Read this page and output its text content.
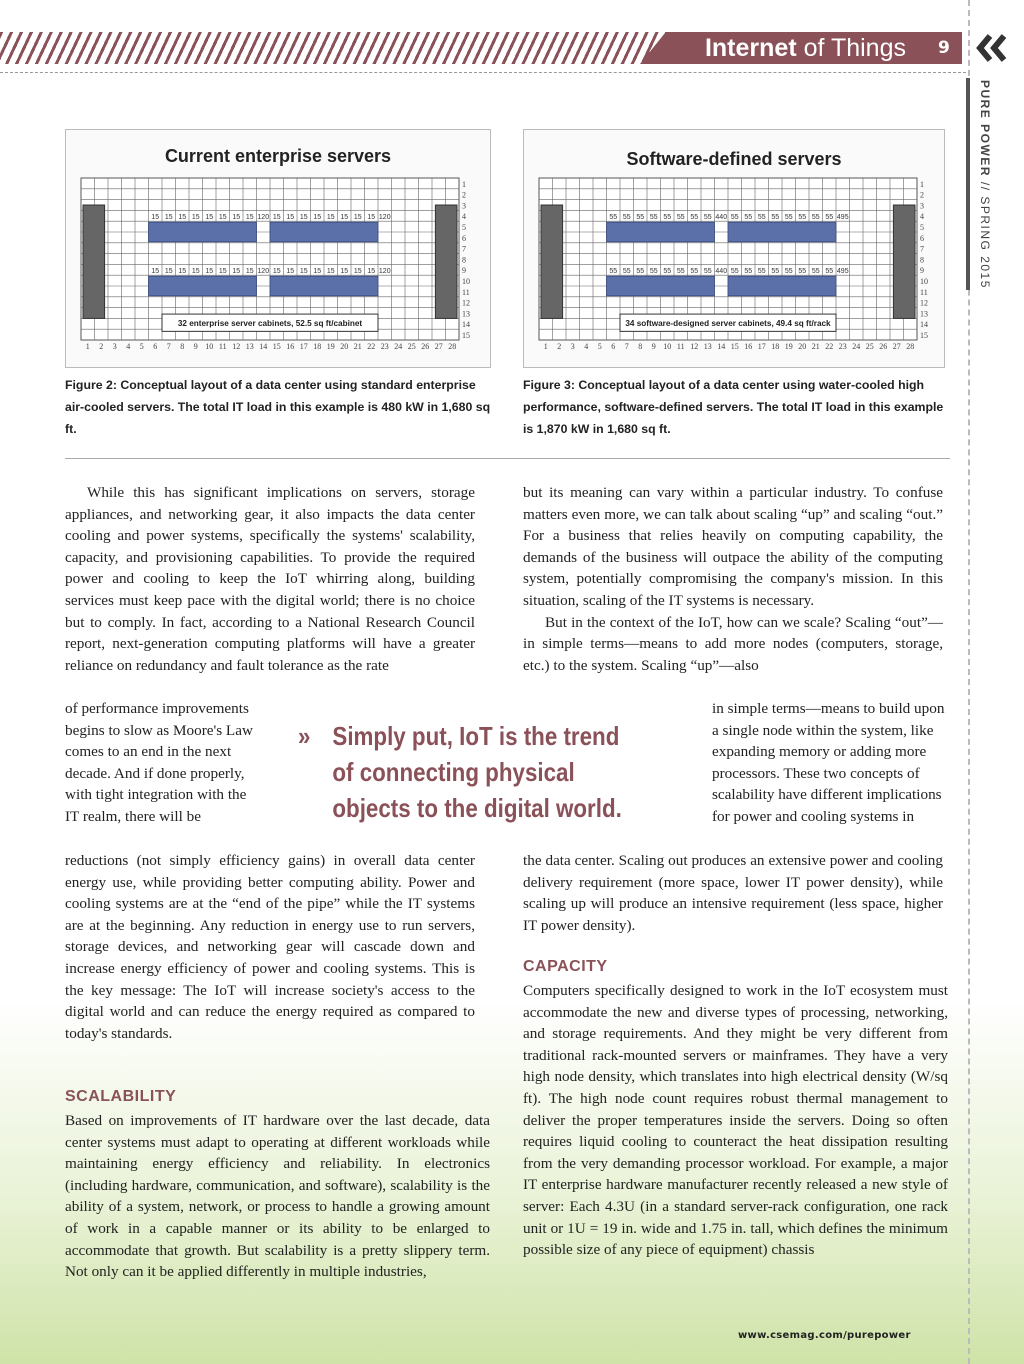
Internet of Things 9
PURE POWER // SPRING 2015
Current enterprise servers
15 15 15 15 15 15 15 15 120 15 15 15 15 15 15 15 15 120
15 15 15 15 15 15 15 15 120 15 15 15 15 15 15 15 15 120
32 enterprise server cabinets, 52.5 sq ft/cabinet
1 2 3 4 5 6 7 8 9 10 11 12 13 14 15 16 17 18 19 20 21 22 23 24 25 26 27 28
1
2
3
4
5
6
7
8
9
10
11
12
13
14
15
Figure 2: Conceptual layout of a data center using standard enterprise air-cooled servers. The total IT load in this example is 480 kW in 1,680 sq ft.
Software-defined servers
55 55 55 55 55 55 55 55 440 55 55 55 55 55 55 55 55 495
55 55 55 55 55 55 55 55 440 55 55 55 55 55 55 55 55 495
34 software-designed server cabinets, 49.4 sq ft/rack
1 2 3 4 5 6 7 8 9 10 11 12 13 14 15 16 17 18 19 20 21 22 23 24 25 26 27 28
1
2
3
4
5
6
7
8
9
10
11
12
13
14
15
Figure 3: Conceptual layout of a data center using water-cooled high performance, software-defined servers. The total IT load in this example is 1,870 kW in 1,680 sq ft.

While this has significant implications on servers, storage appliances, and networking gear, it also impacts the data center cooling and power systems, specifically the systems' scalability, capacity, and provisioning capabilities. To provide the required power and cooling to keep the IoT whirring along, building services must keep pace with the digital world; there is no choice but to comply. In fact, according to a National Research Council report, next-generation computing platforms will have a greater reliance on redundancy and fault tolerance as the rate

of performance improvements begins to slow as Moore's Law comes to an end in the next decade. And if done properly, with tight integration with the IT realm, there will be

reductions (not simply efficiency gains) in overall data center energy use, while providing better computing ability. Power and cooling systems are at the “end of the pipe” while the IT systems are at the beginning. Any reduction in energy use to run servers, storage devices, and networking gear will cascade down and increase energy efficiency of power and cooling systems. This is the key message: The IoT will increase society's access to the digital world and can reduce the energy required as compared to today's standards.

SCALABILITY

Based on improvements of IT hardware over the last decade, data center systems must adapt to operating at different workloads while maintaining energy efficiency and reliability. In electronics (including hardware, communication, and software), scalability is the ability of a system, network, or process to handle a growing amount of work in a capable manner or its ability to be enlarged to accommodate that growth. But scalability is a pretty slippery term. Not only can it be applied differently in multiple industries,

» Simply put, IoT is the trend of connecting physical objects to the digital world.

but its meaning can vary within a particular industry. To confuse matters even more, we can talk about scaling “up” and scaling “out.” For a business that relies heavily on computing capability, the demands of the business will outpace the ability of the computing system, potentially compromising the company's mission. In this situation, scaling of the IT systems is necessary.

But in the context of the IoT, how can we scale? Scaling “out”—in simple terms—means to add more nodes (computers, storage, etc.) to the system. Scaling “up”—also

in simple terms—means to build upon a single node within the system, like expanding memory or adding more processors. These two concepts of scalability have different implications for power and cooling systems in

the data center. Scaling out produces an extensive power and cooling delivery requirement (more space, lower IT power density), while scaling up will produce an intensive requirement (less space, higher IT power density).

CAPACITY

Computers specifically designed to work in the IoT ecosystem must accommodate the new and diverse types of processing, networking, and storage requirements. And they might be very different from traditional rack-mounted servers or mainframes. They have a very high node density, which translates into high electrical density (W/sq ft). The high node count requires robust thermal management to deliver the proper temperatures inside the servers. Doing so often requires liquid cooling to counteract the heat dissipation resulting from the very demanding processor workload. For example, a major IT enterprise hardware manufacturer recently released a new style of server: Each 4.3U (in a standard server-rack configuration, one rack unit or 1U = 19 in. wide and 1.75 in. tall, which defines the minimum possible size of any piece of equipment) chassis

www.csemag.com/purepower
